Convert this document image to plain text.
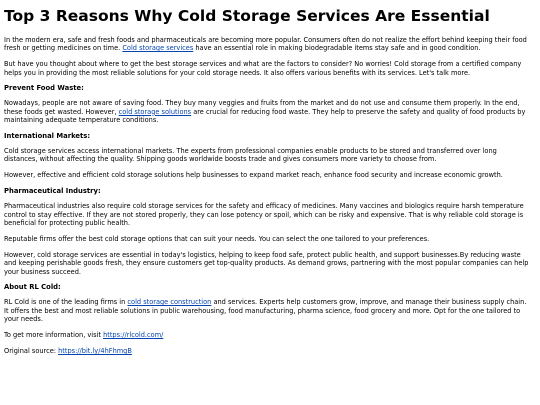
Top 3 Reasons Why Cold Storage Services Are Essential

In the modern era, safe and fresh foods and pharmaceuticals are becoming more popular. Consumers often do not realize the effort behind keeping their food fresh or getting medicines on time. Cold storage services have an essential role in making biodegradable items stay safe and in good condition.

But have you thought about where to get the best storage services and what are the factors to consider? No worries! Cold storage from a certified company helps you in providing the most reliable solutions for your cold storage needs. It also offers various benefits with its services. Let's talk more.

Prevent Food Waste:

Nowadays, people are not aware of saving food. They buy many veggies and fruits from the market and do not use and consume them properly. In the end, these foods get wasted. However, cold storage solutions are crucial for reducing food waste. They help to preserve the safety and quality of food products by maintaining adequate temperature conditions.

International Markets:

Cold storage services access international markets. The experts from professional companies enable products to be stored and transferred over long distances, without affecting the quality. Shipping goods worldwide boosts trade and gives consumers more variety to choose from.

However, effective and efficient cold storage solutions help businesses to expand market reach, enhance food security and increase economic growth.

Pharmaceutical Industry:

Pharmaceutical industries also require cold storage services for the safety and efficacy of medicines. Many vaccines and biologics require harsh temperature control to stay effective. If they are not stored properly, they can lose potency or spoil, which can be risky and expensive. That is why reliable cold storage is beneficial for protecting public health.

Reputable firms offer the best cold storage options that can suit your needs. You can select the one tailored to your preferences.

However, cold storage services are essential in today's logistics, helping to keep food safe, protect public health, and support businesses.By reducing waste and keeping perishable goods fresh, they ensure customers get top-quality products. As demand grows, partnering with the most popular companies can help your business succeed.

About RL Cold:

RL Cold is one of the leading firms in cold storage construction and services. Experts help customers grow, improve, and manage their business supply chain. It offers the best and most reliable solutions in public warehousing, food manufacturing, pharma science, food grocery and more. Opt for the one tailored to your needs.

To get more information, visit https://rlcold.com/

Original source: https://bit.ly/4hFhmgB
